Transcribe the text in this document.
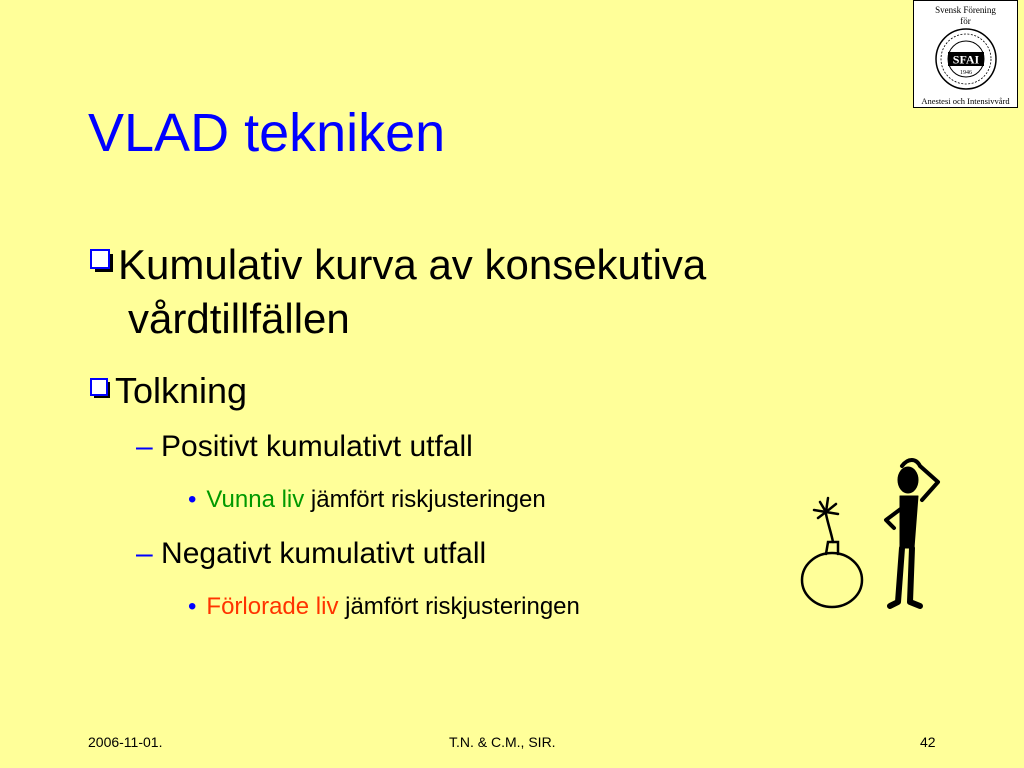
Svensk Förening
för
SFAI
1946
Anestesi och Intensivvård
VLAD tekniken
Kumulativ kurva av konsekutiva
vårdtillfällen
Tolkning
– Positivt kumulativt utfall
• Vunna liv jämfört riskjusteringen
– Negativt kumulativt utfall
• Förlorade liv jämfört riskjusteringen
2006-11-01.	T.N. & C.M., SIR.	42
